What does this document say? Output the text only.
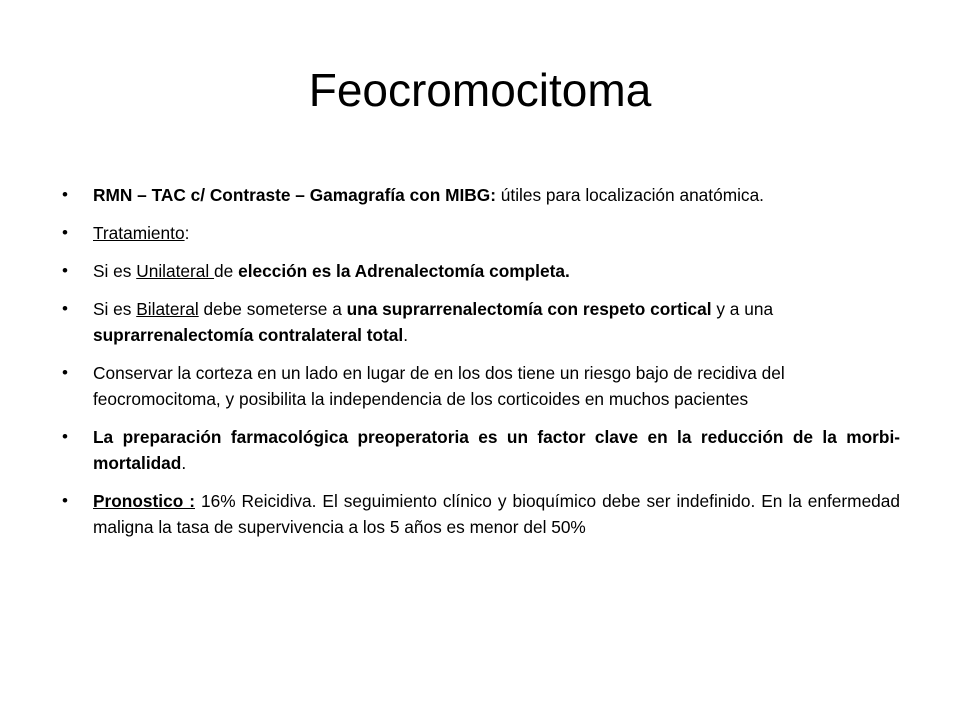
Feocromocitoma
• RMN – TAC c/ Contraste – Gamagrafía con MIBG: útiles para localización anatómica.
• Tratamiento:
• Si es Unilateral de elección es la Adrenalectomía completa.
• Si es Bilateral debe someterse a una suprarrenalectomía con respeto cortical y a una suprarrenalectomía contralateral total.
• Conservar la corteza en un lado en lugar de en los dos tiene un riesgo bajo de recidiva del feocromocitoma, y posibilita la independencia de los corticoides en muchos pacientes
• La preparación farmacológica preoperatoria es un factor clave en la reducción de la morbi-mortalidad.
• Pronostico : 16% Reicidiva. El seguimiento clínico y bioquímico debe ser indefinido. En la enfermedad maligna la tasa de supervivencia a los 5 años es menor del 50%
